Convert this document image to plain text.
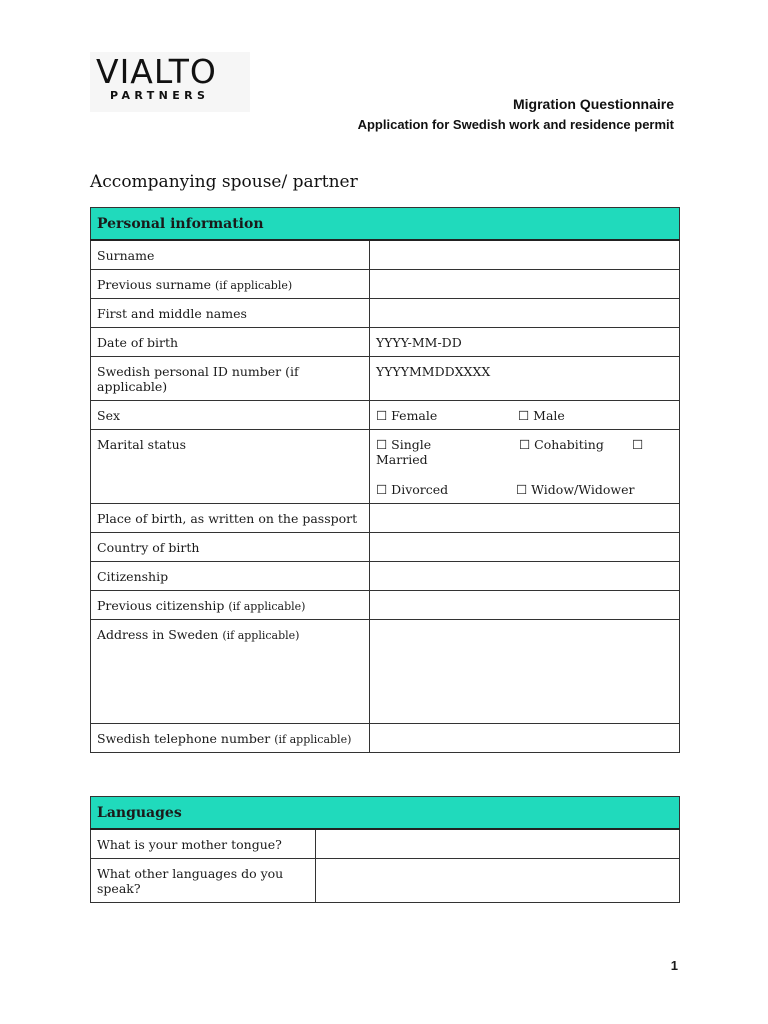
VIALTO
PARTNERS
Migration Questionnaire
Application for Swedish work and residence permit
Accompanying spouse/ partner
Personal information	
Surname	
Previous surname (if applicable)	
First and middle names	
Date of birth	YYYY-MM-DD
Swedish personal ID number (if applicable)	YYYYMMDDXXXX
Sex	☐ Female ☐ Male
Marital status	☐ Single ☐ Cohabiting ☐
Married
☐ Divorced ☐ Widow/Widower

Place of birth, as written on the passport	
Country of birth	
Citizenship	
Previous citizenship (if applicable)	
Address in Sweden (if applicable)	
Swedish telephone number (if applicable)	
Languages	
What is your mother tongue?	
What other languages do you speak?	
1
